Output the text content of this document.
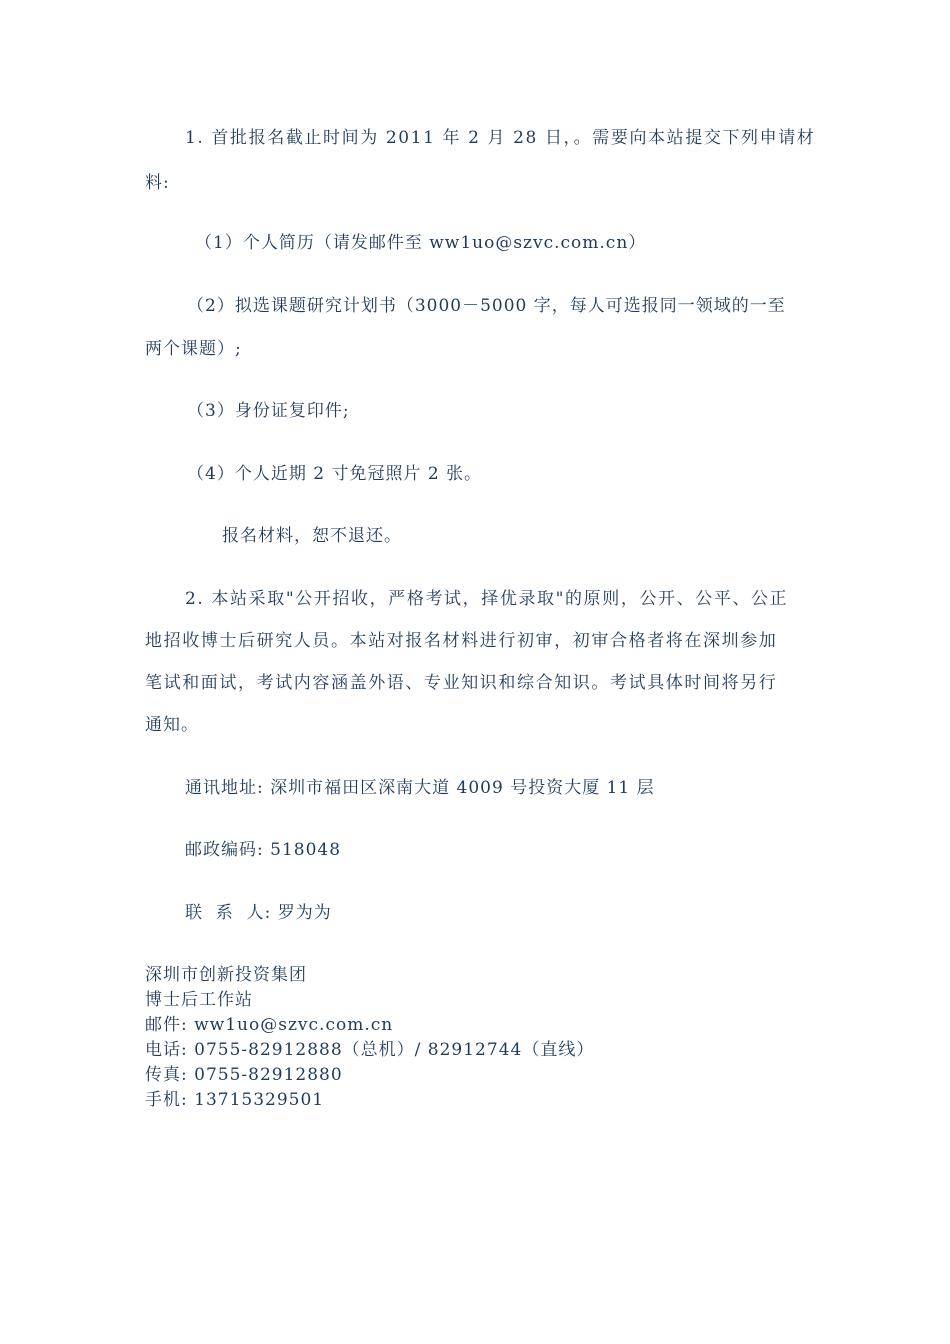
1. 首批报名截止时间为 2011 年 2 月 28 日，。需要向本站提交下列申请材
料:
（1）个人简历（请发邮件至 ww1uo@szvc.com.cn）
（2）拟选课题研究计划书（3000－5000 字，每人可选报同一领域的一至
两个课题）;
（3）身份证复印件;
（4）个人近期 2 寸免冠照片 2 张。
报名材料，恕不退还。
2. 本站采取"公开招收，严格考试，择优录取"的原则，公开、公平、公正
地招收博士后研究人员。本站对报名材料进行初审，初审合格者将在深圳参加
笔试和面试，考试内容涵盖外语、专业知识和综合知识。考试具体时间将另行
通知。
通讯地址: 深圳市福田区深南大道 4009 号投资大厦 11 层
邮政编码: 518048
联  系  人: 罗为为
深圳市创新投资集团
博士后工作站
邮件: ww1uo@szvc.com.cn
电话: 0755-82912888（总机）/ 82912744（直线）
传真: 0755-82912880
手机: 13715329501
